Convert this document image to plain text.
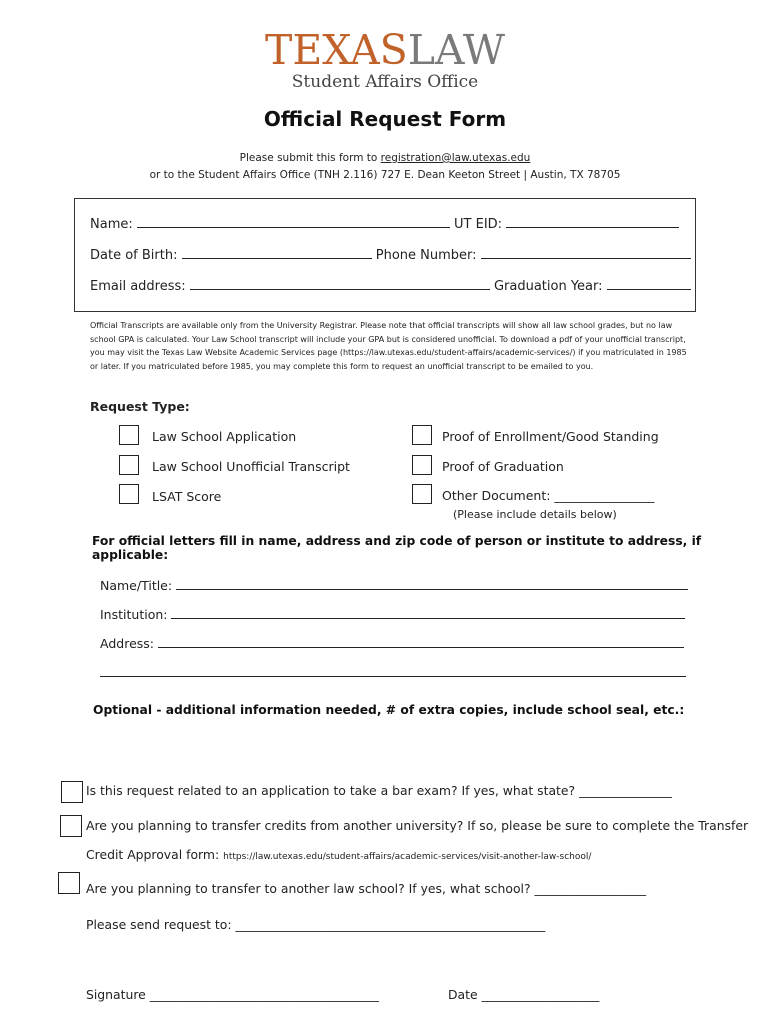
TEXASLAW
Student Affairs Office
Official Request Form
Please submit this form to registration@law.utexas.edu
or to the Student Affairs Office (TNH 2.116) 727 E. Dean Keeton Street | Austin, TX 78705
Name:	UT EID:
Date of Birth:	Phone Number:
Email address:	Graduation Year:
Official Transcripts are available only from the University Registrar. Please note that official transcripts will show all law school grades, but no law school GPA is calculated. Your Law School transcript will include your GPA but is considered unofficial. To download a pdf of your unofficial transcript, you may visit the Texas Law Website Academic Services page (https://law.utexas.edu/student-affairs/academic-services/) if you matriculated in 1985 or later. If you matriculated before 1985, you may complete this form to request an unofficial transcript to be emailed to you.
Request Type:
Law School Application
Law School Unofficial Transcript
LSAT Score
Proof of Enrollment/Good Standing
Proof of Graduation
Other Document: ________________
(Please include details below)
For official letters fill in name, address and zip code of person or institute to address, if applicable:
Name/Title:
Institution:
Address:
Optional - additional information needed, # of extra copies, include school seal, etc.:
Is this request related to an application to take a bar exam? If yes, what state? _______________
Are you planning to transfer credits from another university? If so, please be sure to complete the Transfer
Credit Approval form: https://law.utexas.edu/student-affairs/academic-services/visit-another-law-school/
Are you planning to transfer to another law school? If yes, what school? __________________
Please send request to: __________________________________________________
Signature _____________________________________	Date ___________________
